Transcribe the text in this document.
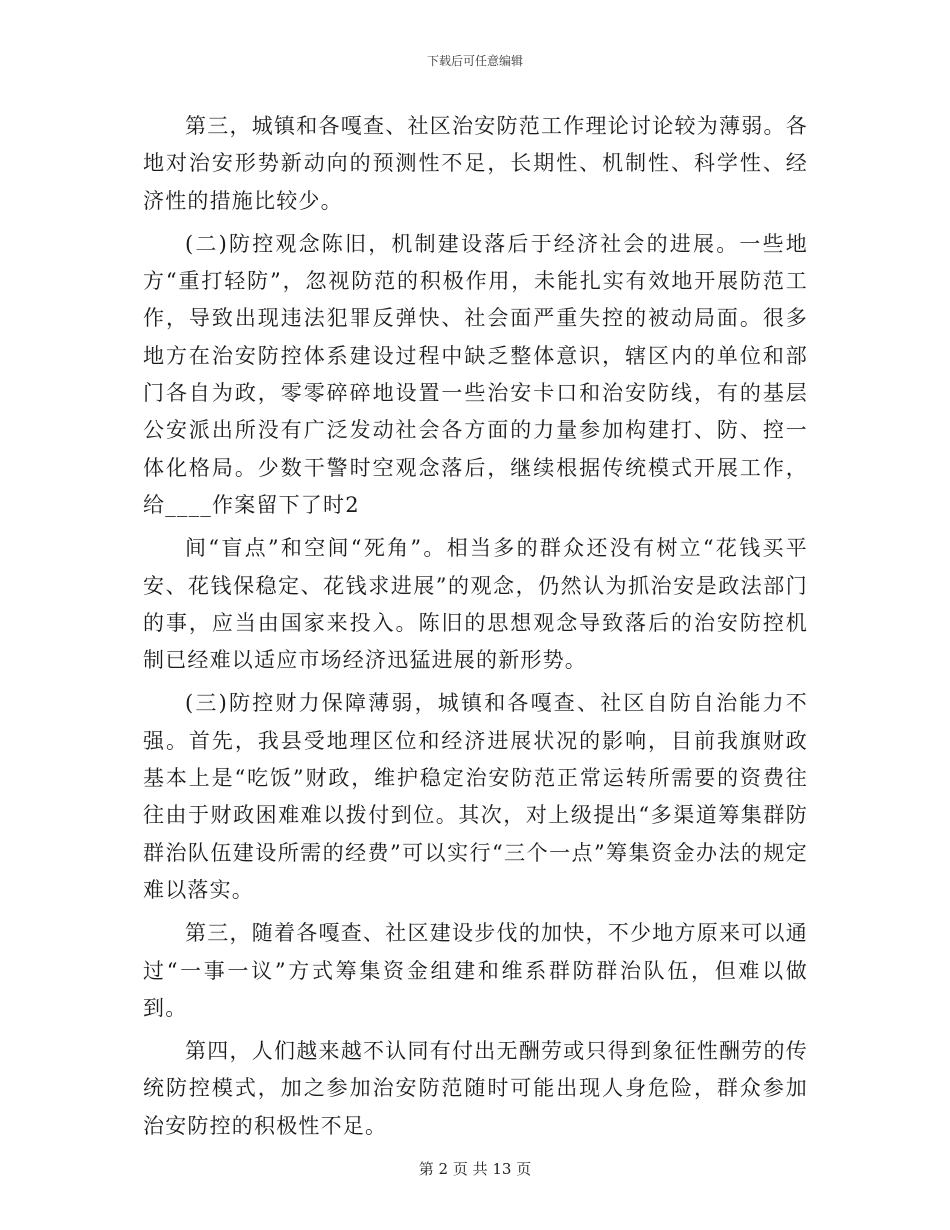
下载后可任意编辑

第三，城镇和各嘎查、社区治安防范工作理论讨论较为薄弱。各地对治安形势新动向的预测性不足，长期性、机制性、科学性、经济性的措施比较少。

(二)防控观念陈旧，机制建设落后于经济社会的进展。一些地方“重打轻防”，忽视防范的积极作用，未能扎实有效地开展防范工作，导致出现违法犯罪反弹快、社会面严重失控的被动局面。很多地方在治安防控体系建设过程中缺乏整体意识，辖区内的单位和部门各自为政，零零碎碎地设置一些治安卡口和治安防线，有的基层公安派出所没有广泛发动社会各方面的力量参加构建打、防、控一体化格局。少数干警时空观念落后，继续根据传统模式开展工作，给____作案留下了时2

间“盲点”和空间“死角”。相当多的群众还没有树立“花钱买平安、花钱保稳定、花钱求进展”的观念，仍然认为抓治安是政法部门的事，应当由国家来投入。陈旧的思想观念导致落后的治安防控机制已经难以适应市场经济迅猛进展的新形势。

(三)防控财力保障薄弱，城镇和各嘎查、社区自防自治能力不强。首先，我县受地理区位和经济进展状况的影响，目前我旗财政基本上是“吃饭”财政，维护稳定治安防范正常运转所需要的资费往往由于财政困难难以拨付到位。其次，对上级提出“多渠道筹集群防群治队伍建设所需的经费”可以实行“三个一点”筹集资金办法的规定难以落实。

第三，随着各嘎查、社区建设步伐的加快，不少地方原来可以通过“一事一议”方式筹集资金组建和维系群防群治队伍，但难以做到。

第四，人们越来越不认同有付出无酬劳或只得到象征性酬劳的传统防控模式，加之参加治安防范随时可能出现人身危险，群众参加治安防控的积极性不足。

第 2 页 共 13 页
